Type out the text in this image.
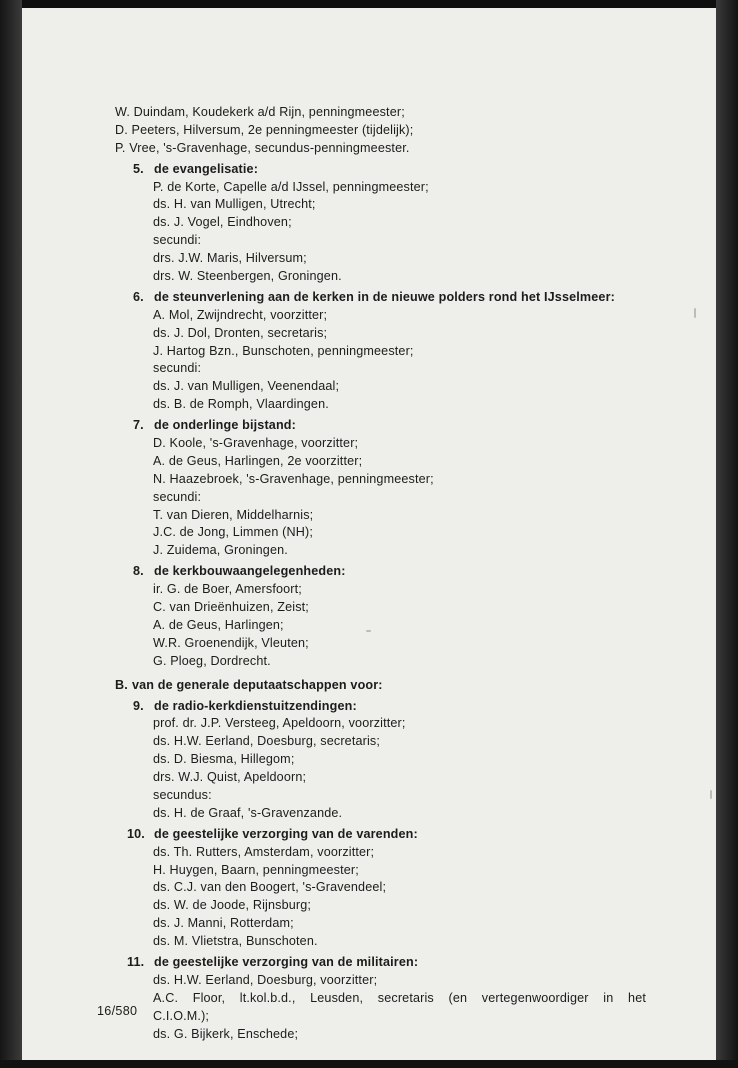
W. Duindam, Koudekerk a/d Rijn, penningmeester;
D. Peeters, Hilversum, 2e penningmeester (tijdelijk);
P. Vree, 's-Gravenhage, secundus-penningmeester.
5. de evangelisatie:
P. de Korte, Capelle a/d IJssel, penningmeester;
ds. H. van Mulligen, Utrecht;
ds. J. Vogel, Eindhoven;
secundi:
drs. J.W. Maris, Hilversum;
drs. W. Steenbergen, Groningen.
6. de steunverlening aan de kerken in de nieuwe polders rond het IJsselmeer:
A. Mol, Zwijndrecht, voorzitter;
ds. J. Dol, Dronten, secretaris;
J. Hartog Bzn., Bunschoten, penningmeester;
secundi:
ds. J. van Mulligen, Veenendaal;
ds. B. de Romph, Vlaardingen.
7. de onderlinge bijstand:
D. Koole, 's-Gravenhage, voorzitter;
A. de Geus, Harlingen, 2e voorzitter;
N. Haazebroek, 's-Gravenhage, penningmeester;
secundi:
T. van Dieren, Middelharnis;
J.C. de Jong, Limmen (NH);
J. Zuidema, Groningen.
8. de kerkbouwaangelegenheden:
ir. G. de Boer, Amersfoort;
C. van Drieënhuizen, Zeist;
A. de Geus, Harlingen;
W.R. Groenendijk, Vleuten;
G. Ploeg, Dordrecht.
B. van de generale deputaatschappen voor:
9. de radio-kerkdienstuitzendingen:
prof. dr. J.P. Versteeg, Apeldoorn, voorzitter;
ds. H.W. Eerland, Doesburg, secretaris;
ds. D. Biesma, Hillegom;
drs. W.J. Quist, Apeldoorn;
secundus:
ds. H. de Graaf, 's-Gravenzande.
10. de geestelijke verzorging van de varenden:
ds. Th. Rutters, Amsterdam, voorzitter;
H. Huygen, Baarn, penningmeester;
ds. C.J. van den Boogert, 's-Gravendeel;
ds. W. de Joode, Rijnsburg;
ds. J. Manni, Rotterdam;
ds. M. Vlietstra, Bunschoten.
11. de geestelijke verzorging van de militairen:
ds. H.W. Eerland, Doesburg, voorzitter;
A.C. Floor, lt.kol.b.d., Leusden, secretaris (en vertegenwoordiger in het
C.I.O.M.);
ds. G. Bijkerk, Enschede;
16/580
